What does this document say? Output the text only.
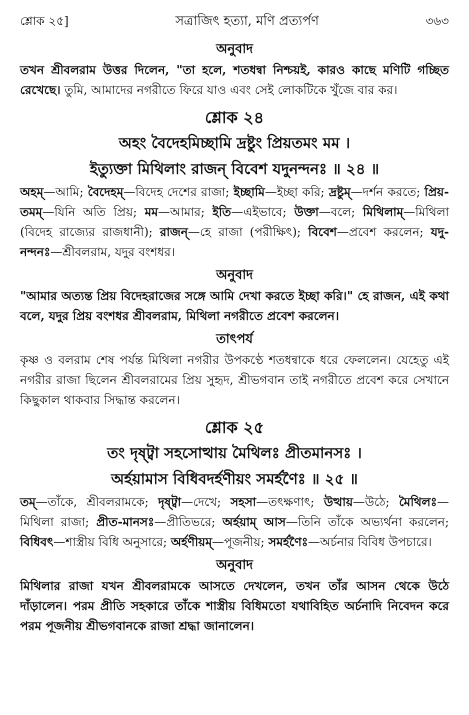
শ্লোক ২৫]	সত্রাজিৎ হত্যা, মণি প্রত্যর্পণ	৩৬৩
অনুবাদ

তখন শ্রীবলরাম উত্তর দিলেন, "তা হলে, শতধন্বা নিশ্চয়ই, কারও কাছে মণিটি গচ্ছিত রেখেছে। তুমি, আমাদের নগরীতে ফিরে যাও এবং সেই লোকটিকে খুঁজে বার কর।

শ্লোক ২৪
অহং বৈদেহমিচ্ছামি দ্রষ্টুং প্রিয়তমং মম ।
ইত্যুক্তা মিথিলাং রাজন্ বিবেশ যদুনন্দনঃ ॥ ২৪ ॥

অহম্—আমি; বৈদেহম্—বিদেহ দেশের রাজা; ইচ্ছামি—ইচ্ছা করি; দ্রষ্টুম্—দর্শন করতে; প্রিয়-তমম্—যিনি অতি প্রিয়; মম—আমার; ইতি—এইভাবে; উক্তা—বলে; মিথিলাম্—মিথিলা (বিদেহ রাজ্যের রাজধানী); রাজন্—হে রাজা (পরীক্ষিৎ); বিবেশ—প্রবেশ করলেন; যদু-নন্দনঃ—শ্রীবলরাম, যদুর বংশধর।

অনুবাদ

"আমার অত্যন্ত প্রিয় বিদেহরাজের সঙ্গে আমি দেখা করতে ইচ্ছা করি।" হে রাজন, এই কথা বলে, যদুর প্রিয় বংশধর শ্রীবলরাম, মিথিলা নগরীতে প্রবেশ করলেন।

তাৎপর্য

কৃষ্ণ ও বলরাম শেষ পর্যন্ত মিথিলা নগরীর উপকণ্ঠে শতধন্বাকে ধরে ফেললেন। যেহেতু এই নগরীর রাজা ছিলেন শ্রীবলরামের প্রিয় সুহৃদ, শ্রীভগবান তাই নগরীতে প্রবেশ করে সেখানে কিছুকাল থাকবার সিদ্ধান্ত করলেন।

শ্লোক ২৫
তং দৃষ্ট্বা সহসোত্থায় মৈথিলঃ প্রীতমানসঃ ।
অর্হয়ামাস বিধিবদর্হণীয়ং সমর্হণৈঃ ॥ ২৫ ॥

তম্—তাঁকে, শ্রীবলরামকে; দৃষ্ট্বা—দেখে; সহসা—তৎক্ষণাৎ; উত্থায়—উঠে; মৈথিলঃ—মিথিলা রাজা; প্রীত-মানসঃ—প্রীতিভরে; অর্হয়াম্ আস—তিনি তাঁকে অভ্যর্থনা করলেন; বিধিবৎ—শাস্ত্রীয় বিধি অনুসারে; অর্হণীয়ম্—পূজনীয়; সমর্হণৈঃ—অর্চনার বিবিধ উপচারে।

অনুবাদ

মিথিলার রাজা যখন শ্রীবলরামকে আসতে দেখলেন, তখন তাঁর আসন থেকে উঠে দাঁড়ালেন। পরম প্রীতি সহকারে তাঁকে শাস্ত্রীয় বিধিমতো যথাবিহিত অর্চনাদি নিবেদন করে পরম পূজনীয় শ্রীভগবানকে রাজা শ্রদ্ধা জানালেন।
